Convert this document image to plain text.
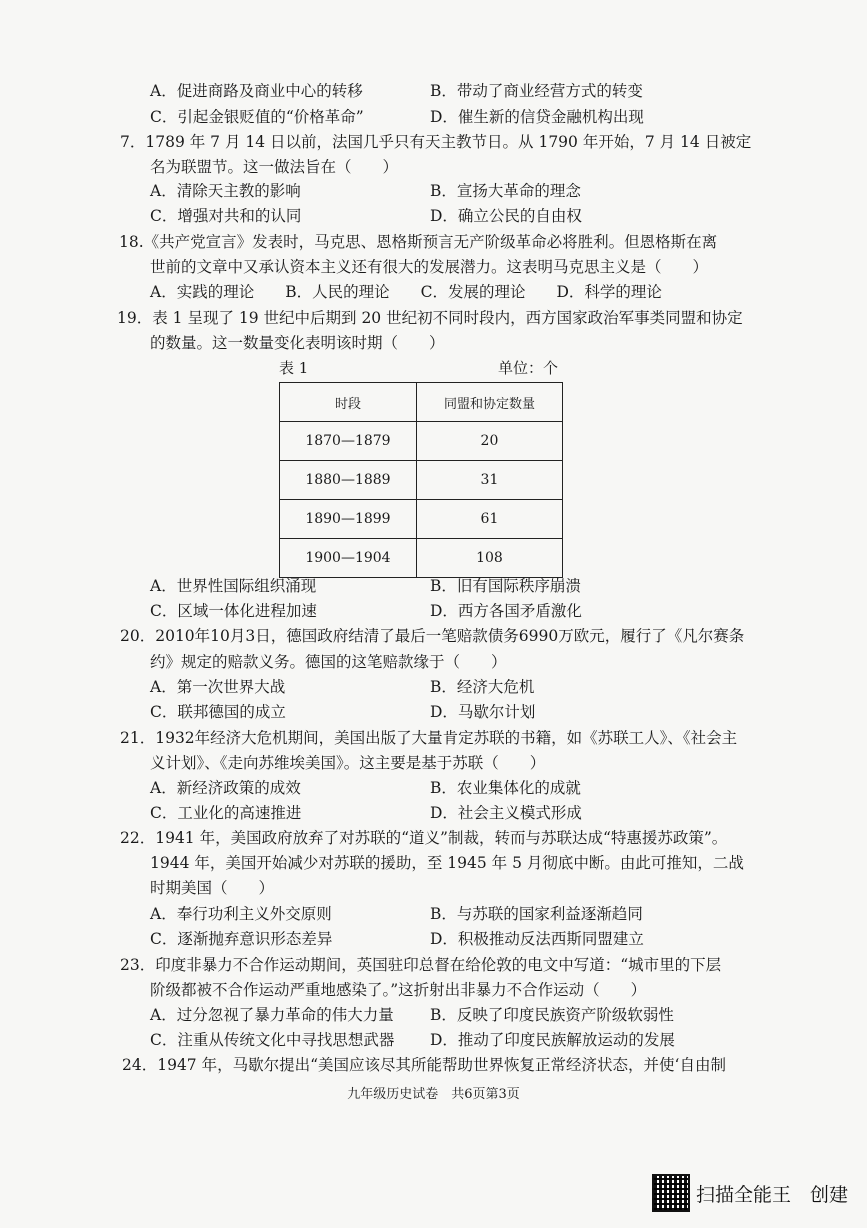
A．促进商路及商业中心的转移	B．带动了商业经营方式的转变
C．引起金银贬值的“价格革命”	D．催生新的信贷金融机构出现
7．1789 年 7 月 14 日以前，法国几乎只有天主教节日。从 1790 年开始，7 月 14 日被定
名为联盟节。这一做法旨在（　　）
A．清除天主教的影响	B．宣扬大革命的理念
C．增强对共和的认同	D．确立公民的自由权
18.《共产党宣言》发表时，马克思、恩格斯预言无产阶级革命必将胜利。但恩格斯在离
世前的文章中又承认资本主义还有很大的发展潜力。这表明马克思主义是（　　）
A．实践的理论　　B．人民的理论　　C．发展的理论　　D．科学的理论
19．表 1 呈现了 19 世纪中后期到 20 世纪初不同时段内，西方国家政治军事类同盟和协定
的数量。这一数量变化表明该时期（　　）
表 1	单位：个
时段	同盟和协定数量
1870—1879	20
1880—1889	31
1890—1899	61
1900—1904	108
A．世界性国际组织涌现	B．旧有国际秩序崩溃
C．区域一体化进程加速	D．西方各国矛盾激化
20．2010年10月3日，德国政府结清了最后一笔赔款债务6990万欧元，履行了《凡尔赛条
约》规定的赔款义务。德国的这笔赔款缘于（　　）
A．第一次世界大战	B．经济大危机
C．联邦德国的成立	D．马歇尔计划
21．1932年经济大危机期间，美国出版了大量肯定苏联的书籍，如《苏联工人》、《社会主
义计划》、《走向苏维埃美国》。这主要是基于苏联（　　）
A．新经济政策的成效	B．农业集体化的成就
C．工业化的高速推进	D．社会主义模式形成
22．1941 年，美国政府放弃了对苏联的“道义”制裁，转而与苏联达成“特惠援苏政策”。
1944 年，美国开始减少对苏联的援助，至 1945 年 5 月彻底中断。由此可推知，二战
时期美国（　　）
A．奉行功利主义外交原则	B．与苏联的国家利益逐渐趋同
C．逐渐抛弃意识形态差异	D．积极推动反法西斯同盟建立
23．印度非暴力不合作运动期间，英国驻印总督在给伦敦的电文中写道：“城市里的下层
阶级都被不合作运动严重地感染了。”这折射出非暴力不合作运动（　　）
A．过分忽视了暴力革命的伟大力量 B．反映了印度民族资产阶级软弱性
C．注重从传统文化中寻找思想武器 D．推动了印度民族解放运动的发展
24．1947 年，马歇尔提出“美国应该尽其所能帮助世界恢复正常经济状态，并使‘自由制
九年级历史试卷　共6页第3页
扫描全能王　创建
